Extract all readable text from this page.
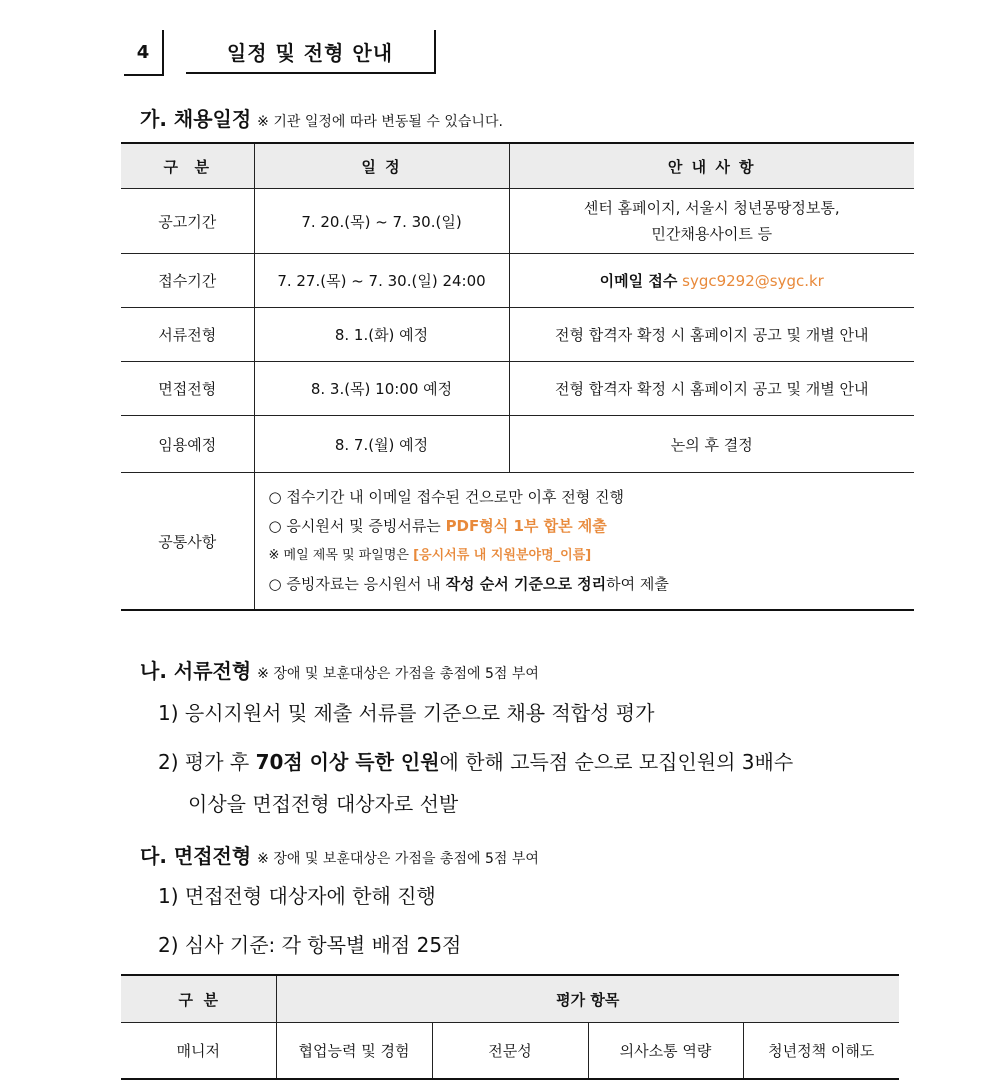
4	일정 및 전형 안내
가. 채용일정 ※ 기관 일정에 따라 변동될 수 있습니다.
구  분	일 정	안 내 사 항
공고기간	7. 20.(목) ~ 7. 30.(일)	센터 홈페이지, 서울시 청년몽땅정보통,
민간채용사이트 등

접수기간	7. 27.(목) ~ 7. 30.(일) 24:00	이메일 접수 sygc9292@sygc.kr
서류전형	8. 1.(화) 예정	전형 합격자 확정 시 홈페이지 공고 및 개별 안내
면접전형	8. 3.(목) 10:00 예정	전형 합격자 확정 시 홈페이지 공고 및 개별 안내
임용예정	8. 7.(월) 예정	논의 후 결정
공통사항	○ 접수기간 내 이메일 접수된 건으로만 이후 전형 진행
○ 응시원서 및 증빙서류는 PDF형식 1부 합본 제출
※ 메일 제목 및 파일명은 [응시서류 내 지원분야명_이름]
○ 증빙자료는 응시원서 내 작성 순서 기준으로 정리하여 제출	
나. 서류전형 ※ 장애 및 보훈대상은 가점을 총점에 5점 부여
1) 응시지원서 및 제출 서류를 기준으로 채용 적합성 평가
2) 평가 후 70점 이상 득한 인원에 한해 고득점 순으로 모집인원의 3배수
이상을 면접전형 대상자로 선발
다. 면접전형 ※ 장애 및 보훈대상은 가점을 총점에 5점 부여
1) 면접전형 대상자에 한해 진행
2) 심사 기준: 각 항목별 배점 25점
구  분	평가 항목			
매니저	협업능력 및 경험	전문성	의사소통 역량	청년정책 이해도
